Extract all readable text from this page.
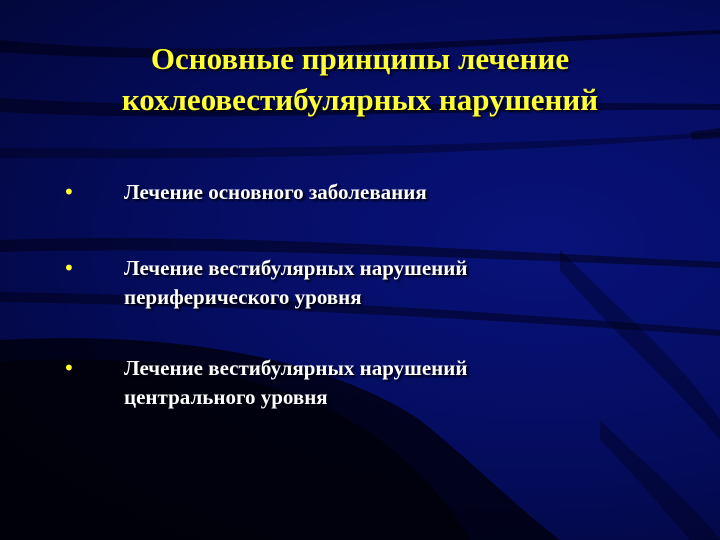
Основные принципы лечение
кохлеовестибулярных нарушений
• Лечение основного заболевания
• Лечение вестибулярных нарушений
периферического уровня
• Лечение вестибулярных нарушений
центрального уровня
